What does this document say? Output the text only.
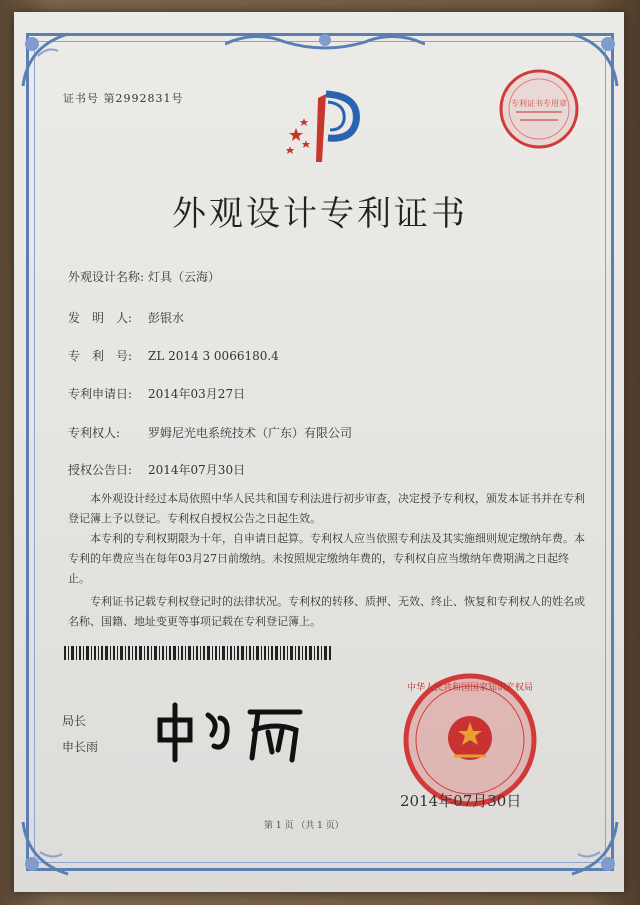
证书号 第2992831号	专利证书专用章
外观设计专利证书
外观设计名称: 灯具（云海）
发　明　人: 彭银水
专　利　号: ZL 2014 3 0066180.4
专利申请日: 2014年03月27日
专利权人: 罗姆尼光电系统技术（广东）有限公司
授权公告日: 2014年07月30日
　　本外观设计经过本局依照中华人民共和国专利法进行初步审查，决定授予专利权，颁发本证书并在专利登记簿上予以登记。专利权自授权公告之日起生效。
　　本专利的专利权期限为十年，自申请日起算。专利权人应当依照专利法及其实施细则规定缴纳年费。本专利的年费应当在每年03月27日前缴纳。未按照规定缴纳年费的，专利权自应当缴纳年费期满之日起终止。
　　专利证书记载专利权登记时的法律状况。专利权的转移、质押、无效、终止、恢复和专利权人的姓名或名称、国籍、地址变更等事项记载在专利登记簿上。
局长
申长雨
中华人民共和国国家知识产权局
2014年07月30日
第 1 页 （共 1 页）
